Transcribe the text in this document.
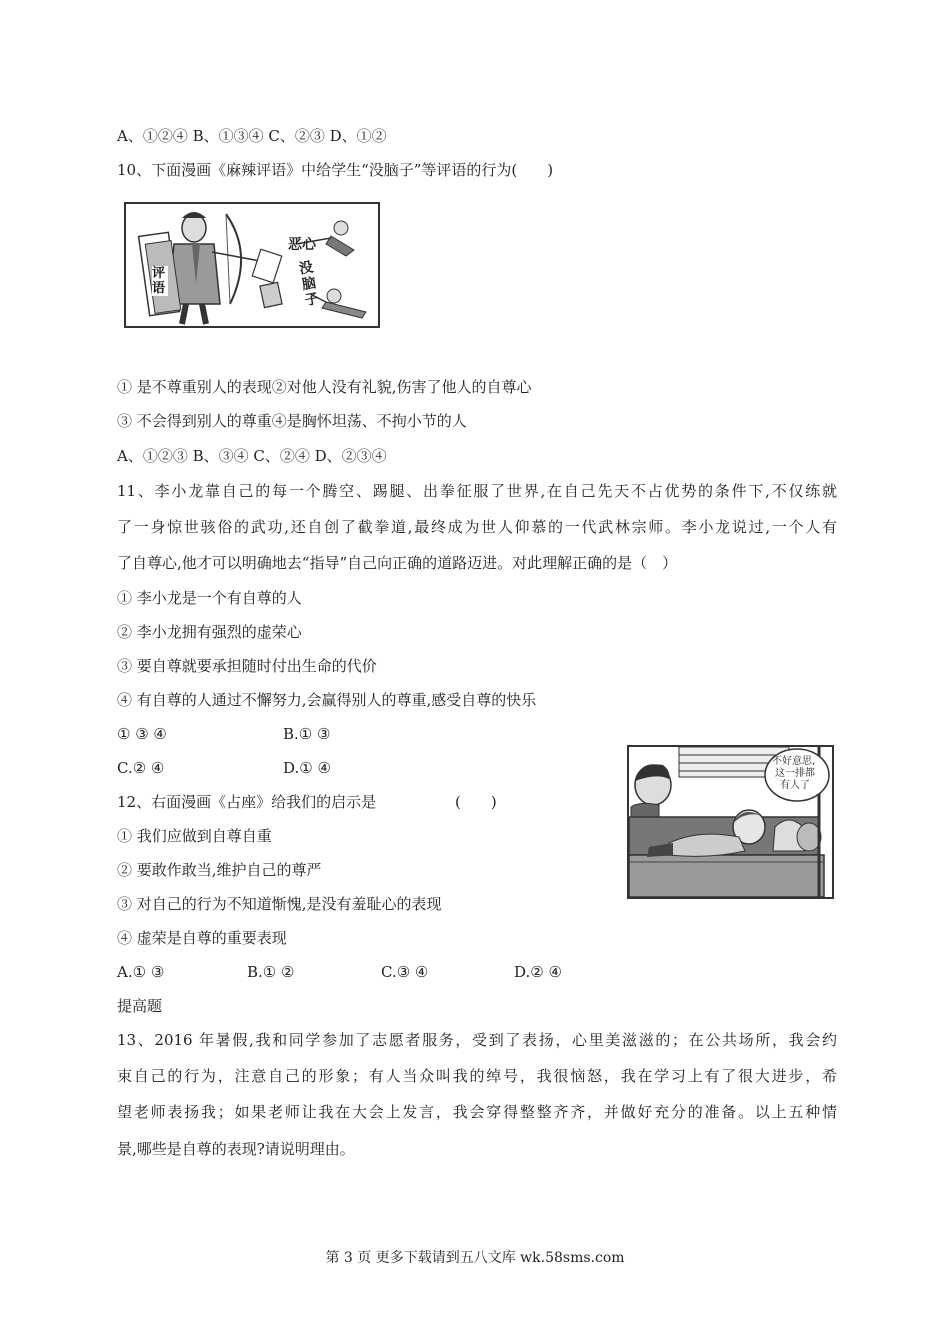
A、①②④ B、①③④ C、②③ D、①②
10、下面漫画《麻辣评语》中给学生“没脑子”等评语的行为(　　)
恶心
没脑子
评语
① 是不尊重别人的表现②对他人没有礼貌,伤害了他人的自尊心
③ 不会得到别人的尊重④是胸怀坦荡、不拘小节的人
A、①②③ B、③④ C、②④ D、②③④
11、李小龙靠自己的每一个腾空、踢腿、出拳征服了世界,在自己先天不占优势的条件下,不仅练就
了一身惊世骇俗的武功,还自创了截拳道,最终成为世人仰慕的一代武林宗师。李小龙说过,一个人有
了自尊心,他才可以明确地去“指导”自己向正确的道路迈进。对此理解正确的是（　）
① 李小龙是一个有自尊的人
② 李小龙拥有强烈的虚荣心
③ 要自尊就要承担随时付出生命的代价
④ 有自尊的人通过不懈努力,会赢得别人的尊重,感受自尊的快乐
① ③ ④	B.① ③
C.② ④	D.① ④	不好意思,
这一排都
有人了
12、右面漫画《占座》给我们的启示是	(　　)
① 我们应做到自尊自重
② 要敢作敢当,维护自己的尊严
③ 对自己的行为不知道惭愧,是没有羞耻心的表现
④ 虚荣是自尊的重要表现
A.① ③	B.① ②	C.③ ④	D.② ④
提高题
13、2016 年暑假,我和同学参加了志愿者服务，受到了表扬，心里美滋滋的；在公共场所，我会约
束自己的行为，注意自己的形象；有人当众叫我的绰号，我很恼怒，我在学习上有了很大进步，希
望老师表扬我；如果老师让我在大会上发言，我会穿得整整齐齐，并做好充分的准备。以上五种情
景,哪些是自尊的表现?请说明理由。
第 3 页 更多下载请到五八文库 wk.58sms.com
